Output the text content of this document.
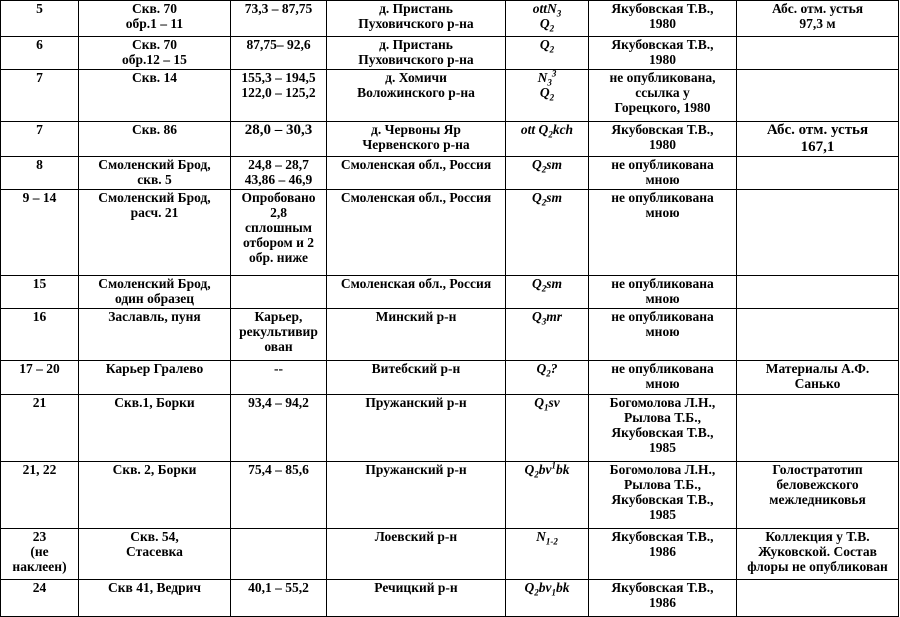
5	Скв. 70
обр.1 – 11	73,3 – 87,75	д. Пристань
Пуховичского р-на	ottN$_3$
$Q_2$	Якубовская Т.В.,
1980	Абс. отм. устья
97,3 м
6	Скв. 70
обр.12 – 15	87,75– 92,6	д. Пристань
Пуховичского р-на	$Q_2$	Якубовская Т.В.,
1980	
7	Скв. 14	155,3 – 194,5
122,0 – 125,2	д. Хомичи
Воложинского р-на	$N_3^3$
$Q_2$	не опубликована,
ссылка у
Горецкого, 1980	
7	Скв. 86	28,0 – 30,3	д. Червоны Яр
Червенского р-на	ott $Q_2kch$	Якубовская Т.В.,
1980	Абс. отм. устья
167,1
8	Смоленский Брод,
скв. 5	24,8 – 28,7
43,86 – 46,9	Смоленская обл., Россия	$Q_2sm$	не опубликована
мною	
9 – 14	Смоленский Брод,
расч. 21	Опробовано
2,8
сплошным
отбором и 2
обр. ниже	Смоленская обл., Россия	$Q_2sm$	не опубликована
мною	
15	Смоленский Брод,
один образец		Смоленская обл., Россия	$Q_2sm$	не опубликована
мною	
16	Заславль, пуня	Карьер,
рекультивир
ован	Минский р-н	$Q_3mr$	не опубликована
мною	
17 – 20	Карьер Гралево	--	Витебский р-н	$Q_2$?	не опубликована
мною	Материалы А.Ф.
Санько
21	Скв.1, Борки	93,4 – 94,2	Пружанский р-н	$Q_1sv$	Богомолова Л.Н.,
Рылова Т.Б.,
Якубовская Т.В.,
1985	
21, 22	Скв. 2, Борки	75,4 – 85,6	Пружанский р-н	$Q_2bv^1bk$	Богомолова Л.Н.,
Рылова Т.Б.,
Якубовская Т.В.,
1985	Голостратотип
беловежского
межледниковья
23
(не
наклеен)	Скв. 54,
Стасевка		Лоевский р-н	$N_{1-2}$	Якубовская Т.В.,
1986	Коллекция у Т.В.
Жуковской. Состав
флоры не опубликован
24	Скв 41, Ведрич	40,1 – 55,2	Речицкий р-н	$Q_2bv_1bk$	Якубовская Т.В.,
1986	
